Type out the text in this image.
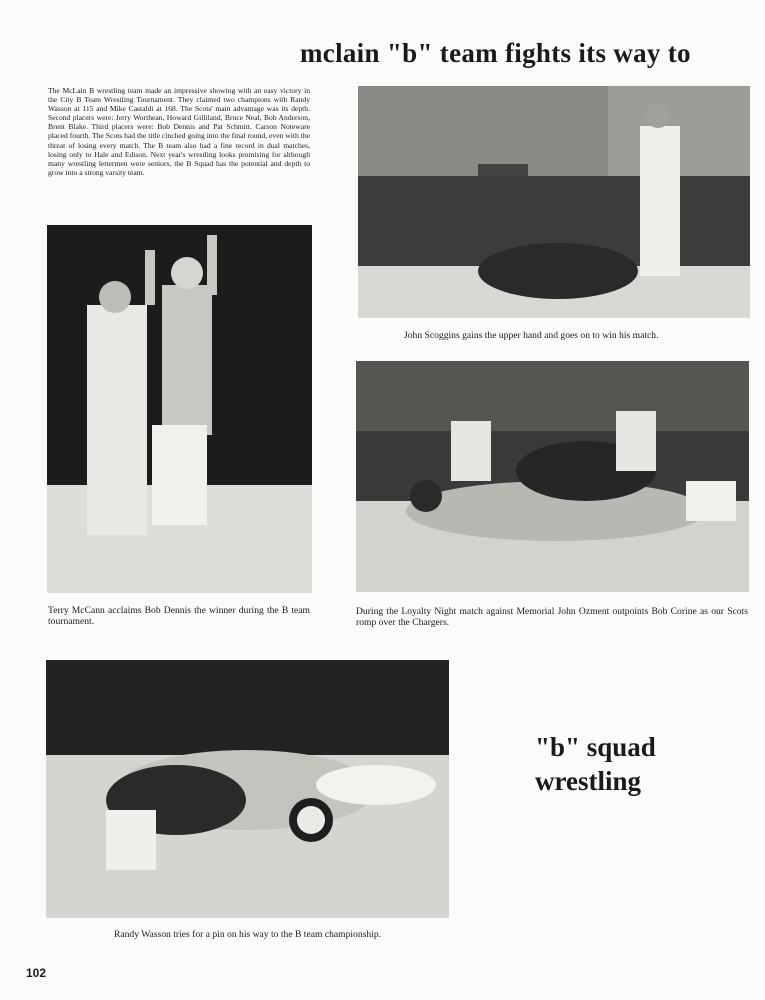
mclain "b" team fights its way to
The McLain B wrestling team made an impressive showing with an easy victory in the City B Team Wrestling Tournament. They claimed two champions with Randy Wasson at 115 and Mike Castaldi at 168. The Scots' main advantage was its depth. Second placers were: Jerry Worthean, Howard Gilliland, Bruce Neal, Bob Anderson, Brent Blake. Third placers were: Bob Dennis and Pat Schmitt. Carson Noteware placed fourth. The Scots had the title cinched going into the final round, even with the threat of losing every match. The B team also had a fine record in dual matches, losing only to Hale and Edison. Next year's wrestling looks promising for although many wrestling lettermen were seniors, the B Squad has the potential and depth to grow into a strong varsity team.
John Scoggins gains the upper hand and goes on to win his match.
Terry McCann acclaims Bob Dennis the winner during the B team tournament.
During the Loyalty Night match against Memorial John Ozment outpoints Bob Corine as our Scots romp over the Chargers.
Randy Wasson tries for a pin on his way to the B team championship.
"b" squad
wrestling
102
